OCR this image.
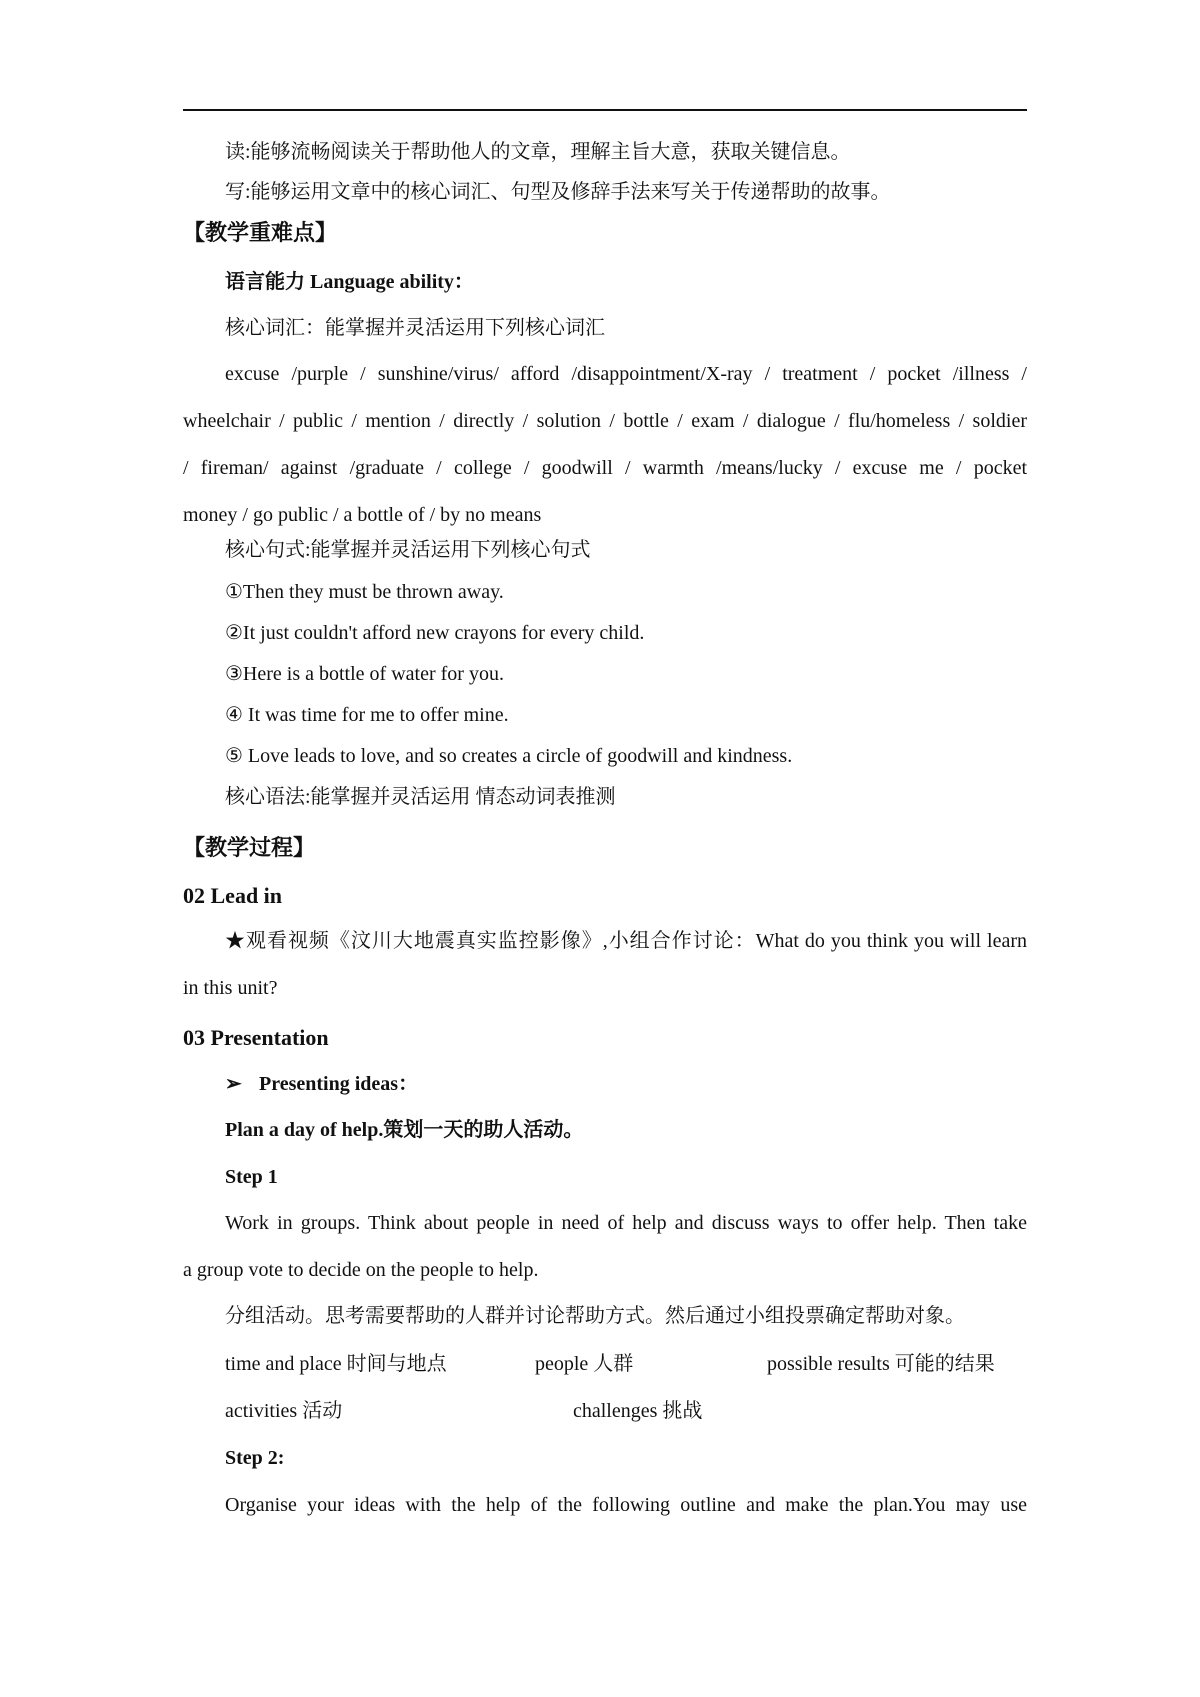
读:能够流畅阅读关于帮助他人的文章，理解主旨大意，获取关键信息。
写:能够运用文章中的核心词汇、句型及修辞手法来写关于传递帮助的故事。
【教学重难点】
语言能力 Language ability：
核心词汇：能掌握并灵活运用下列核心词汇
excuse /purple / sunshine/virus/ afford /disappointment/X-ray / treatment / pocket /illness /
wheelchair / public / mention / directly / solution / bottle / exam / dialogue / flu/homeless / soldier
/ fireman/ against /graduate / college / goodwill / warmth /means/lucky / excuse me / pocket
money / go public / a bottle of / by no means
核心句式:能掌握并灵活运用下列核心句式
①Then they must be thrown away.
②It just couldn't afford new crayons for every child.
③Here is a bottle of water for you.
④ It was time for me to offer mine.
⑤ Love leads to love, and so creates a circle of goodwill and kindness.
核心语法:能掌握并灵活运用 情态动词表推测
【教学过程】
02 Lead in
★观看视频《汶川大地震真实监控影像》,小组合作讨论：What do you think you will learn
in this unit?
03 Presentation
➢ Presenting ideas：
Plan a day of help.策划一天的助人活动。
Step 1
Work in groups. Think about people in need of help and discuss ways to offer help. Then take
a group vote to decide on the people to help.
分组活动。思考需要帮助的人群并讨论帮助方式。然后通过小组投票确定帮助对象。
time and place 时间与地点	people 人群	possible results 可能的结果
activities 活动	challenges 挑战
Step 2:
Organise your ideas with the help of the following outline and make the plan.You may use
